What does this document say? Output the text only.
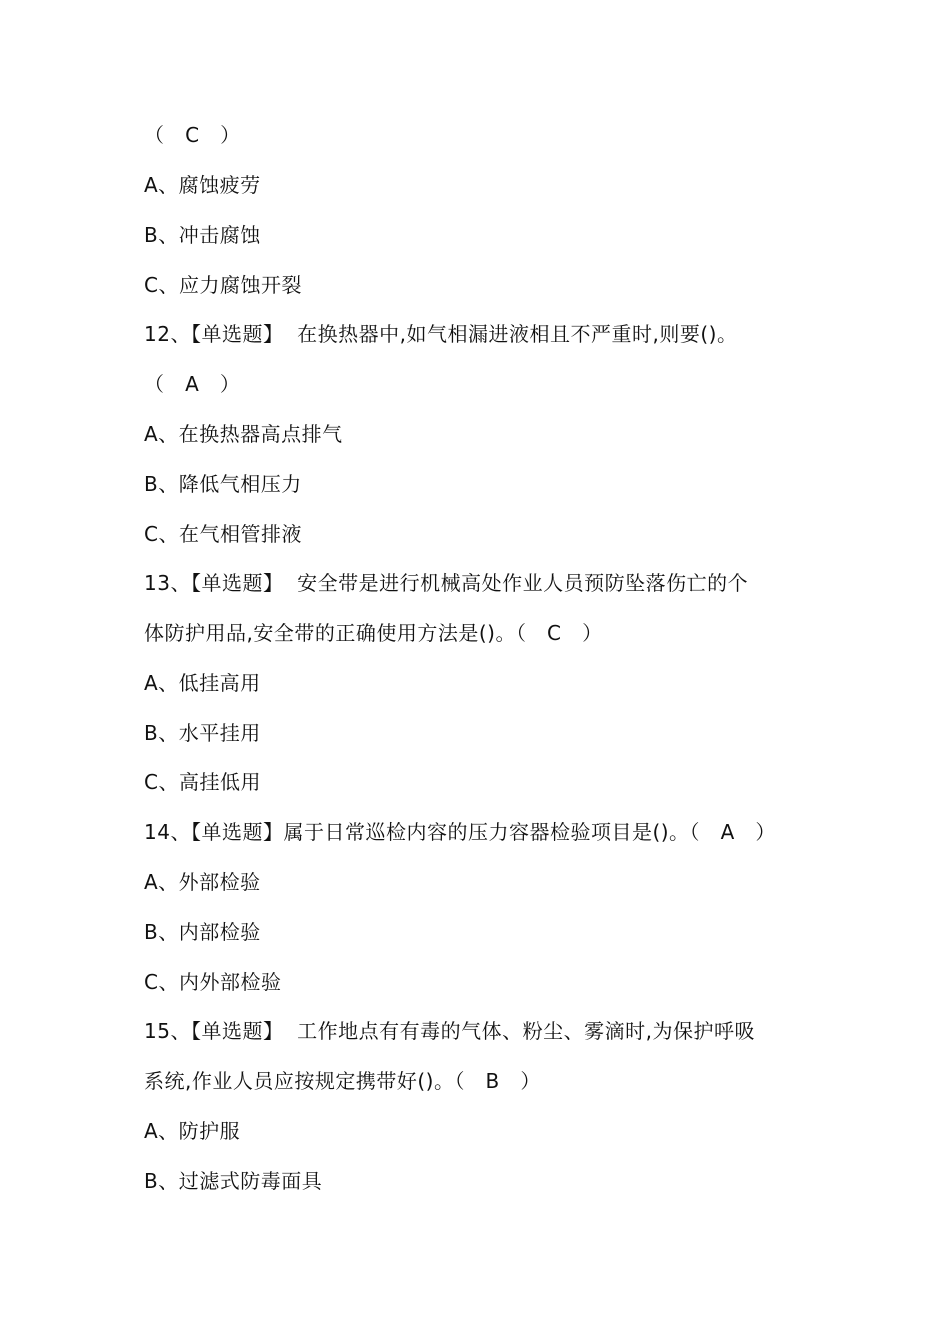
（   C   ）
A、腐蚀疲劳
B、冲击腐蚀
C、应力腐蚀开裂
12、【单选题】  在换热器中,如气相漏进液相且不严重时,则要()。
（   A   ）
A、在换热器高点排气
B、降低气相压力
C、在气相管排液
13、【单选题】  安全带是进行机械高处作业人员预防坠落伤亡的个
体防护用品,安全带的正确使用方法是()。（   C   ）
A、低挂高用
B、水平挂用
C、高挂低用
14、【单选题】属于日常巡检内容的压力容器检验项目是()。（   A   ）
A、外部检验
B、内部检验
C、内外部检验
15、【单选题】  工作地点有有毒的气体、粉尘、雾滴时,为保护呼吸
系统,作业人员应按规定携带好()。（   B   ）
A、防护服
B、过滤式防毒面具
